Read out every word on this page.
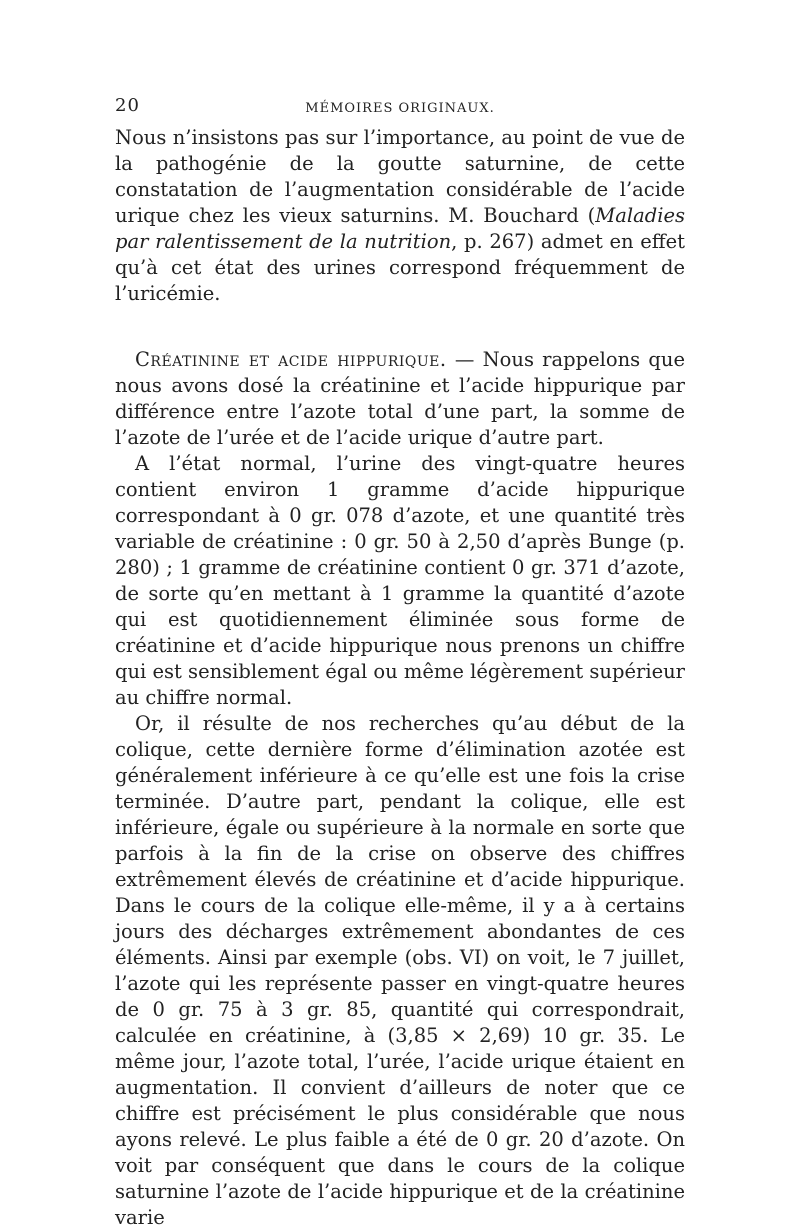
20	MÉMOIRES ORIGINAUX.

Nous n’insistons pas sur l’importance, au point de vue de la pathogénie de la goutte saturnine, de cette constatation de l’augmentation considérable de l’acide urique chez les vieux saturnins. M. Bouchard (Maladies par ralentissement de la nutrition, p. 267) admet en effet qu’à cet état des urines correspond fréquemment de l’uricémie.

Créatinine et acide hippurique. — Nous rappelons que nous avons dosé la créatinine et l’acide hippurique par différence entre l’azote total d’une part, la somme de l’azote de l’urée et de l’acide urique d’autre part.

A l’état normal, l’urine des vingt-quatre heures contient environ 1 gramme d’acide hippurique correspondant à 0 gr. 078 d’azote, et une quantité très variable de créatinine : 0 gr. 50 à 2,50 d’après Bunge (p. 280) ; 1 gramme de créatinine contient 0 gr. 371 d’azote, de sorte qu’en mettant à 1 gramme la quantité d’azote qui est quotidiennement éliminée sous forme de créatinine et d’acide hippurique nous prenons un chiffre qui est sensiblement égal ou même légèrement supérieur au chiffre normal.

Or, il résulte de nos recherches qu’au début de la colique, cette dernière forme d’élimination azotée est généralement inférieure à ce qu’elle est une fois la crise terminée. D’autre part, pendant la colique, elle est inférieure, égale ou supérieure à la normale en sorte que parfois à la fin de la crise on observe des chiffres extrêmement élevés de créatinine et d’acide hippurique. Dans le cours de la colique elle-même, il y a à certains jours des décharges extrêmement abondantes de ces éléments. Ainsi par exemple (obs. VI) on voit, le 7 juillet, l’azote qui les représente passer en vingt-quatre heures de 0 gr. 75 à 3 gr. 85, quantité qui correspondrait, calculée en créatinine, à (3,85 × 2,69) 10 gr. 35. Le même jour, l’azote total, l’urée, l’acide urique étaient en augmentation. Il convient d’ailleurs de noter que ce chiffre est précisément le plus considérable que nous ayons relevé. Le plus faible a été de 0 gr. 20 d’azote. On voit par conséquent que dans le cours de la colique saturnine l’azote de l’acide hippurique et de la créatinine varie
